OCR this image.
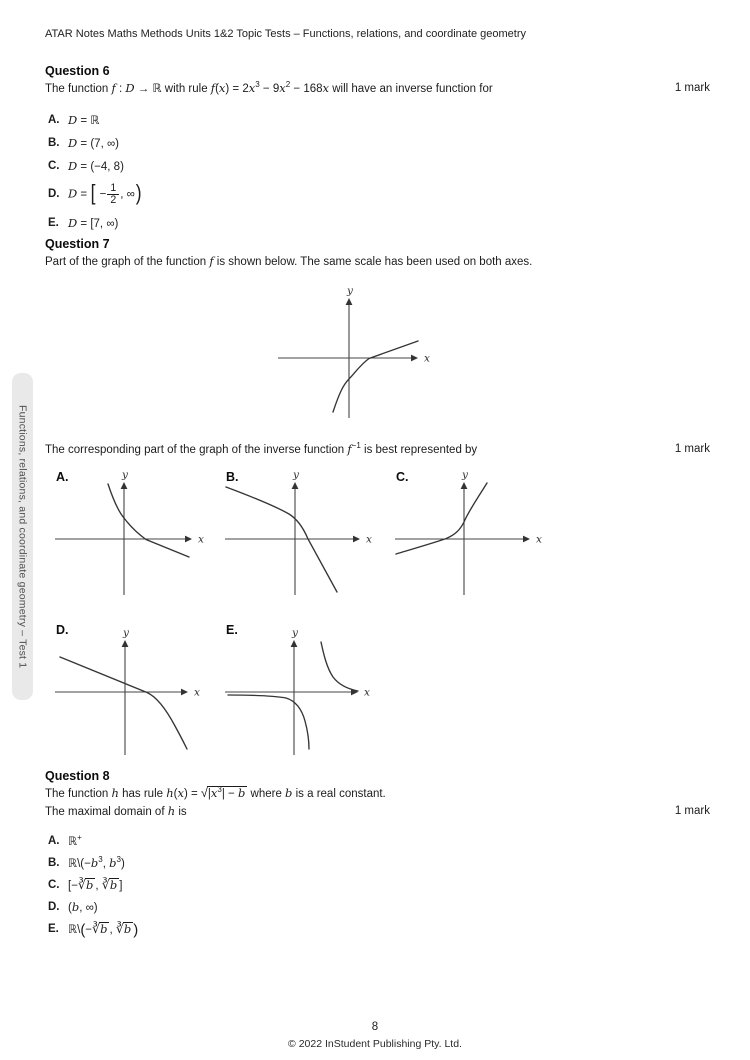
ATAR Notes Maths Methods Units 1&2 Topic Tests – Functions, relations, and coordinate geometry
Functions, relations, and coordinate geometry – Test 1
Question 6
The function f : D → ℝ with rule $f(x) = 2x^3 - 9x^2 - 168x$ will have an inverse function for	1 mark
A. D = ℝ
B. D = (7, ∞)
C. D = (−4, 8)
D. D = [ − $\frac{1}{2}$ , ∞)
E. D = [7, ∞)
Question 7
Part of the graph of the function f is shown below. The same scale has been used on both axes.
x
y
The corresponding part of the graph of the inverse function $f^{-1}$ is best represented by	1 mark
A.
x
y	B.
x
y	C.
x
y
D.
x
y	E.
x
y
Question 8
The function h has rule $h(x) = √|x^3| - b$ where b is a real constant.
The maximal domain of h is	1 mark
A. ℝ+
B. $ℝ\backslash(-b^3$, $b^3$)
C. [−∛b , ∛b ]
D. (b, ∞)
E. ℝ\(−∛b , ∛b )
8
© 2022 InStudent Publishing Pty. Ltd.
